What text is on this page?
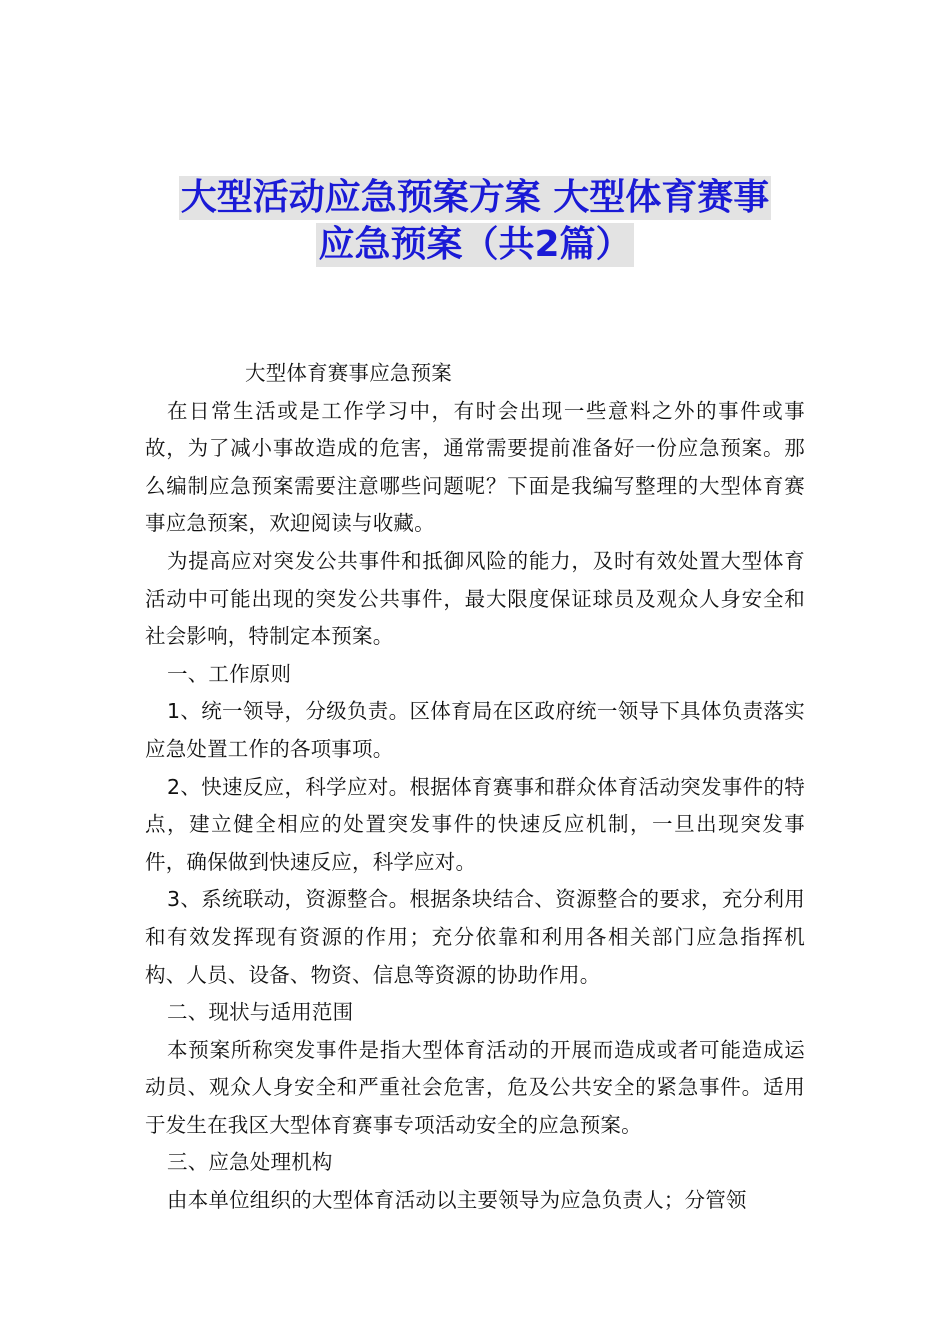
大型活动应急预案方案 大型体育赛事
应急预案（共2篇）

大型体育赛事应急预案

在日常生活或是工作学习中，有时会出现一些意料之外的事件或事故，为了减小事故造成的危害，通常需要提前准备好一份应急预案。那么编制应急预案需要注意哪些问题呢？下面是我编写整理的大型体育赛事应急预案，欢迎阅读与收藏。

为提高应对突发公共事件和抵御风险的能力，及时有效处置大型体育活动中可能出现的突发公共事件，最大限度保证球员及观众人身安全和社会影响，特制定本预案。

一、工作原则

1、统一领导，分级负责。区体育局在区政府统一领导下具体负责落实应急处置工作的各项事项。

2、快速反应，科学应对。根据体育赛事和群众体育活动突发事件的特点，建立健全相应的处置突发事件的快速反应机制，一旦出现突发事件，确保做到快速反应，科学应对。

3、系统联动，资源整合。根据条块结合、资源整合的要求，充分利用和有效发挥现有资源的作用；充分依靠和利用各相关部门应急指挥机构、人员、设备、物资、信息等资源的协助作用。

二、现状与适用范围

本预案所称突发事件是指大型体育活动的开展而造成或者可能造成运动员、观众人身安全和严重社会危害，危及公共安全的紧急事件。适用于发生在我区大型体育赛事专项活动安全的应急预案。

三、应急处理机构

由本单位组织的大型体育活动以主要领导为应急负责人；分管领
